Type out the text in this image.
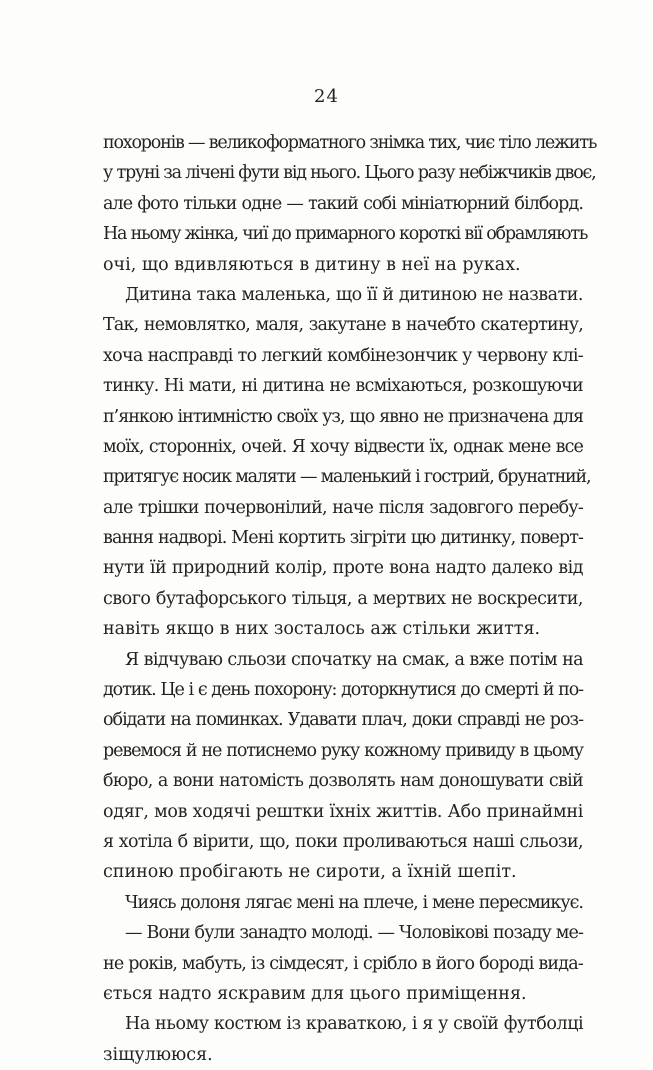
24
похоронів — великоформатного знімка тих, чиє тіло лежить
у труні за лічені фути від нього. Цього разу небіжчиків двоє,
але фото тільки одне — такий собі мініатюрний білборд.
На ньому жінка, чиї до примарного короткі вії обрамляють
очі, що вдивляються в дитину в неї на руках.
Дитина така маленька, що її й дитиною не назвати.
Так, немовлятко, маля, закутане в начебто скатертину,
хоча насправді то легкий комбінезончик у червону клі-
тинку. Ні мати, ні дитина не всміхаються, розкошуючи
п’янкою інтимністю своїх уз, що явно не призначена для
моїх, сторонніх, очей. Я хочу відвести їх, однак мене все
притягує носик маляти — маленький і гострий, брунатний,
але трішки почервонілий, наче після задовгого перебу-
вання надворі. Мені кортить зігріти цю дитинку, поверт-
нути їй природний колір, проте вона надто далеко від
свого бутафорського тільця, а мертвих не воскресити,
навіть якщо в них зосталось аж стільки життя.
Я відчуваю сльози спочатку на смак, а вже потім на
дотик. Це і є день похорону: доторкнутися до смерті й по-
обідати на поминках. Удавати плач, доки справді не роз-
ревемося й не потиснемо руку кожному привиду в цьому
бюро, а вони натомість дозволять нам доношувати свій
одяг, мов ходячі рештки їхніх життів. Або принаймні
я хотіла б вірити, що, поки проливаються наші сльози,
спиною пробігають не сироти, а їхній шепіт.
Чиясь долоня лягає мені на плече, і мене пересмикує.
— Вони були занадто молоді. — Чоловікові позаду ме-
не років, мабуть, із сімдесят, і срібло в його бороді вида-
ється надто яскравим для цього приміщення.
На ньому костюм із краваткою, і я у своїй футболці
зіщулююся.
